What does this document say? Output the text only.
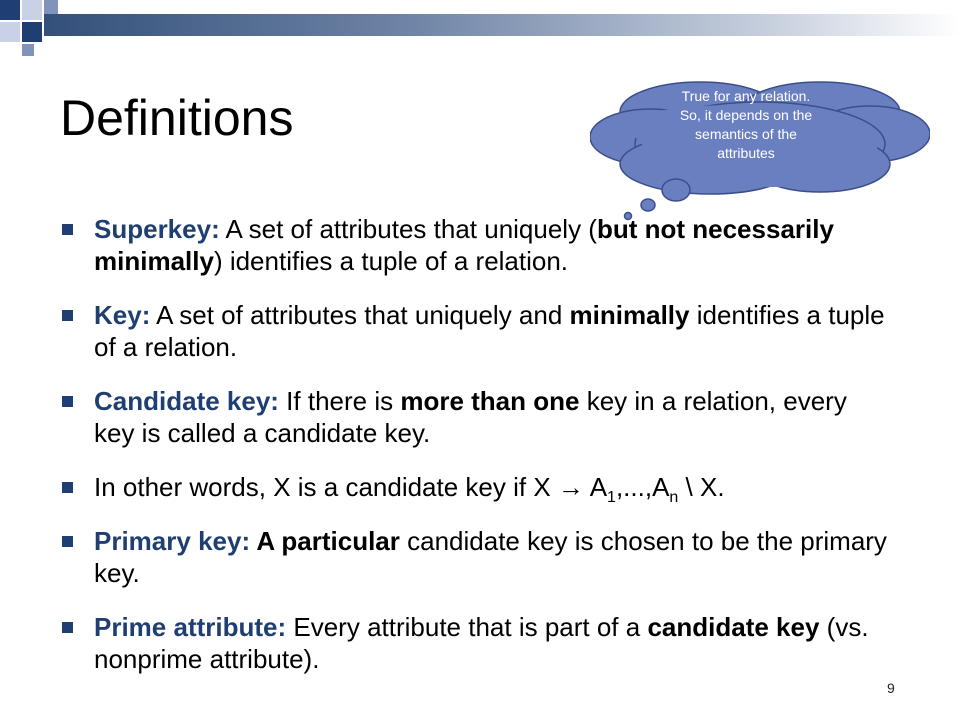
Definitions	True for any relation.
So, it depends on the
semantics of the
attributes
Superkey: A set of attributes that uniquely (but not necessarily minimally) identifies a tuple of a relation.
Key: A set of attributes that uniquely and minimally identifies a tuple of a relation.
Candidate key: If there is more than one key in a relation, every key is called a candidate key.
In other words, X is a candidate key if $X \to A_1,...,A_n$ \ X.
Primary key: A particular candidate key is chosen to be the primary key.
Prime attribute: Every attribute that is part of a candidate key (vs. nonprime attribute).
9
